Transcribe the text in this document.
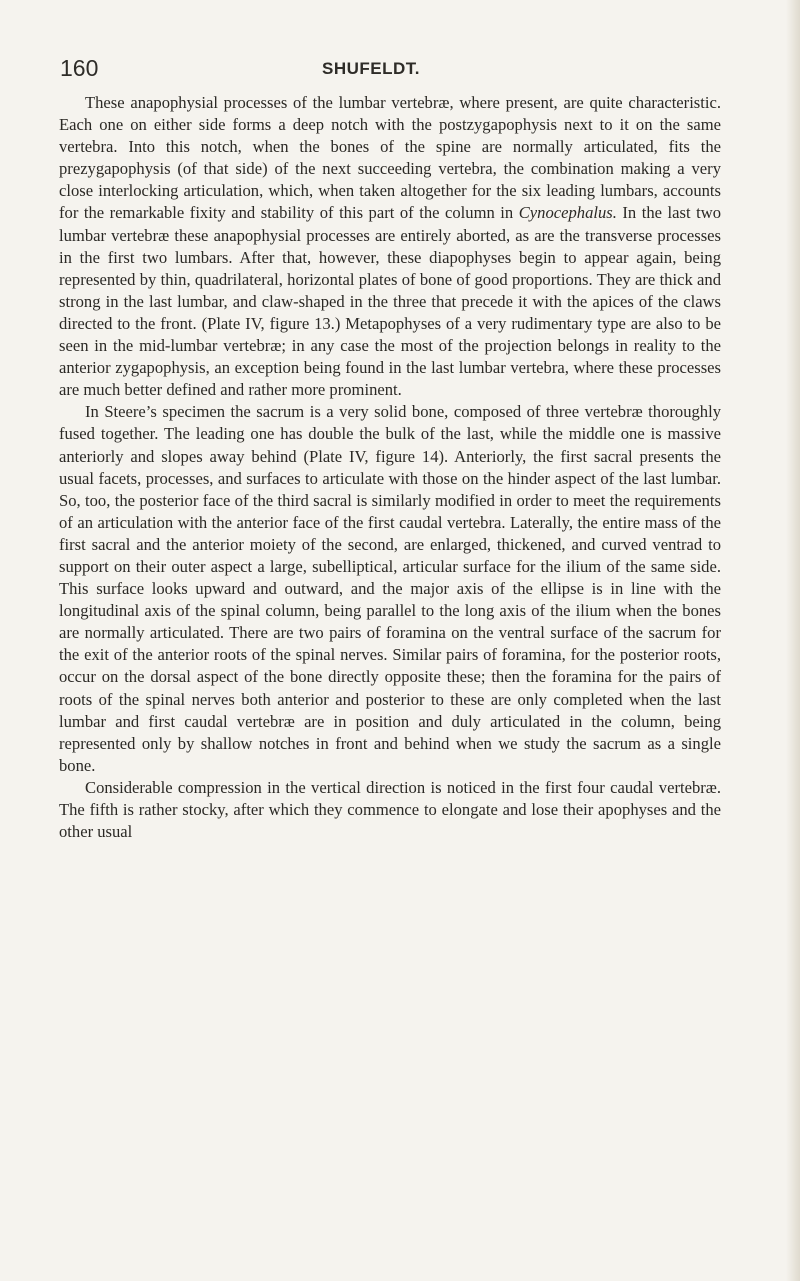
160	SHUFELDT.

These anapophysial processes of the lumbar vertebræ, where present, are quite characteristic. Each one on either side forms a deep notch with the postzygapophysis next to it on the same vertebra. Into this notch, when the bones of the spine are normally articulated, fits the prezygapophysis (of that side) of the next succeeding vertebra, the combination making a very close interlocking articulation, which, when taken altogether for the six leading lumbars, accounts for the remarkable fixity and stability of this part of the column in Cynocephalus. In the last two lumbar vertebræ these anapophysial processes are entirely aborted, as are the transverse processes in the first two lumbars. After that, however, these diapophyses begin to appear again, being represented by thin, quadrilateral, horizontal plates of bone of good proportions. They are thick and strong in the last lumbar, and claw-shaped in the three that precede it with the apices of the claws directed to the front. (Plate IV, figure 13.) Metapophyses of a very rudimentary type are also to be seen in the mid-lumbar vertebræ; in any case the most of the projection belongs in reality to the anterior zygapophysis, an exception being found in the last lumbar vertebra, where these processes are much better defined and rather more prominent.

In Steere’s specimen the sacrum is a very solid bone, composed of three vertebræ thoroughly fused together. The leading one has double the bulk of the last, while the middle one is massive anteriorly and slopes away behind (Plate IV, figure 14). Anteriorly, the first sacral presents the usual facets, processes, and surfaces to articulate with those on the hinder aspect of the last lumbar. So, too, the posterior face of the third sacral is similarly modified in order to meet the requirements of an articulation with the anterior face of the first caudal vertebra. Laterally, the entire mass of the first sacral and the anterior moiety of the second, are enlarged, thickened, and curved ventrad to support on their outer aspect a large, subelliptical, articular surface for the ilium of the same side. This surface looks upward and outward, and the major axis of the ellipse is in line with the longitudinal axis of the spinal column, being parallel to the long axis of the ilium when the bones are normally articulated. There are two pairs of foramina on the ventral surface of the sacrum for the exit of the anterior roots of the spinal nerves. Similar pairs of foramina, for the posterior roots, occur on the dorsal aspect of the bone directly opposite these; then the foramina for the pairs of roots of the spinal nerves both anterior and posterior to these are only completed when the last lumbar and first caudal vertebræ are in position and duly articulated in the column, being represented only by shallow notches in front and behind when we study the sacrum as a single bone.

Considerable compression in the vertical direction is noticed in the first four caudal vertebræ. The fifth is rather stocky, after which they commence to elongate and lose their apophyses and the other usual
